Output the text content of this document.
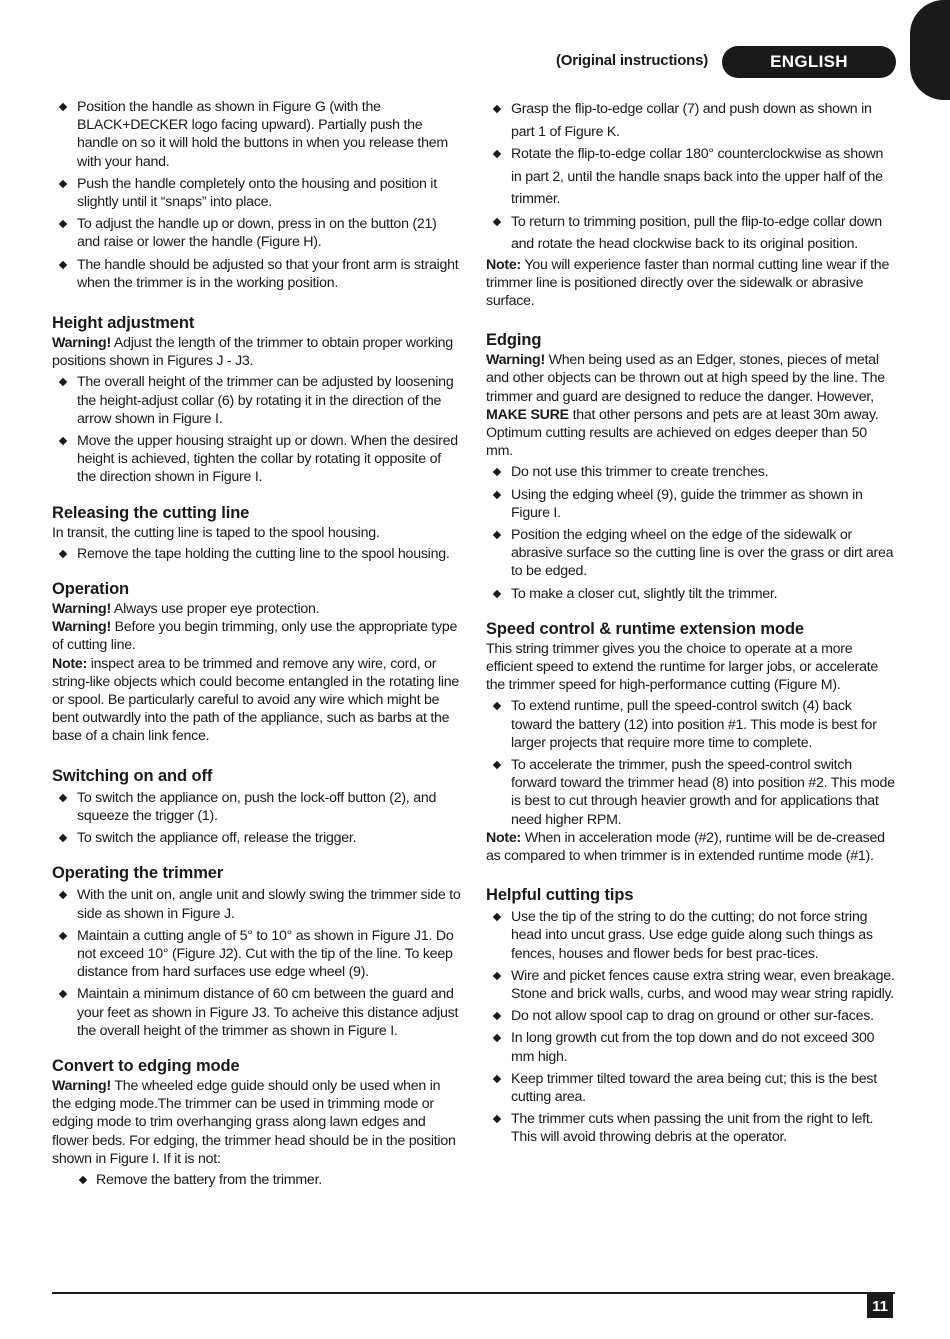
(Original instructions)	ENGLISH
Position the handle as shown in Figure G (with the BLACK+DECKER logo facing upward). Partially push the handle on so it will hold the buttons in when you release them with your hand.
Push the handle completely onto the housing and position it slightly until it “snaps” into place.
To adjust the handle up or down, press in on the button (21) and raise or lower the handle (Figure H).
The handle should be adjusted so that your front arm is straight when the trimmer is in the working position.
Height adjustment

Warning! Adjust the length of the trimmer to obtain proper working positions shown in Figures J - J3.

The overall height of the trimmer can be adjusted by loosening the height-adjust collar (6) by rotating it in the direction of the arrow shown in Figure I.
Move the upper housing straight up or down. When the desired height is achieved, tighten the collar by rotating it opposite of the direction shown in Figure I.
Releasing the cutting line

In transit, the cutting line is taped to the spool housing.

Remove the tape holding the cutting line to the spool housing.
Operation

Warning! Always use proper eye protection.

Warning! Before you begin trimming, only use the appropriate type of cutting line.

Note: inspect area to be trimmed and remove any wire, cord, or string-like objects which could become entangled in the rotating line or spool. Be particularly careful to avoid any wire which might be bent outwardly into the path of the appliance, such as barbs at the base of a chain link fence.

Switching on and off
To switch the appliance on, push the lock-off button (2), and squeeze the trigger (1).
To switch the appliance off, release the trigger.
Operating the trimmer
With the unit on, angle unit and slowly swing the trimmer side to side as shown in Figure J.
Maintain a cutting angle of 5° to 10° as shown in Figure J1. Do not exceed 10° (Figure J2). Cut with the tip of the line. To keep distance from hard surfaces use edge wheel (9).
Maintain a minimum distance of 60 cm between the guard and your feet as shown in Figure J3. To acheive this distance adjust the overall height of the trimmer as shown in Figure I.
Convert to edging mode

Warning! The wheeled edge guide should only be used when in the edging mode.The trimmer can be used in trimming mode or edging mode to trim overhanging grass along lawn edges and flower beds. For edging, the trimmer head should be in the position shown in Figure I. If it is not:

Remove the battery from the trimmer.
Grasp the flip-to-edge collar (7) and push down as shown in part 1 of Figure K.
Rotate the flip-to-edge collar 180° counterclockwise as shown in part 2, until the handle snaps back into the upper half of the trimmer.
To return to trimming position, pull the flip-to-edge collar down and rotate the head clockwise back to its original position.

Note: You will experience faster than normal cutting line wear if the trimmer line is positioned directly over the sidewalk or abrasive surface.

Edging

Warning! When being used as an Edger, stones, pieces of metal and other objects can be thrown out at high speed by the line. The trimmer and guard are designed to reduce the danger. However, MAKE SURE that other persons and pets are at least 30m away. Optimum cutting results are achieved on edges deeper than 50 mm.

Do not use this trimmer to create trenches.
Using the edging wheel (9), guide the trimmer as shown in Figure I.
Position the edging wheel on the edge of the sidewalk or abrasive surface so the cutting line is over the grass or dirt area to be edged.
To make a closer cut, slightly tilt the trimmer.
Speed control & runtime extension mode

This string trimmer gives you the choice to operate at a more efficient speed to extend the runtime for larger jobs, or accelerate the trimmer speed for high-performance cutting (Figure M).

To extend runtime, pull the speed-control switch (4) back toward the battery (12) into position #1. This mode is best for larger projects that require more time to complete.
To accelerate the trimmer, push the speed-control switch forward toward the trimmer head (8) into position #2. This mode is best to cut through heavier growth and for applications that need higher RPM.

Note: When in acceleration mode (#2), runtime will be de-creased as compared to when trimmer is in extended runtime mode (#1).

Helpful cutting tips
Use the tip of the string to do the cutting; do not force string head into uncut grass. Use edge guide along such things as fences, houses and flower beds for best prac-tices.
Wire and picket fences cause extra string wear, even breakage. Stone and brick walls, curbs, and wood may wear string rapidly.
Do not allow spool cap to drag on ground or other sur-faces.
In long growth cut from the top down and do not exceed 300 mm high.
Keep trimmer tilted toward the area being cut; this is the best cutting area.
The trimmer cuts when passing the unit from the right to left. This will avoid throwing debris at the operator.
11
